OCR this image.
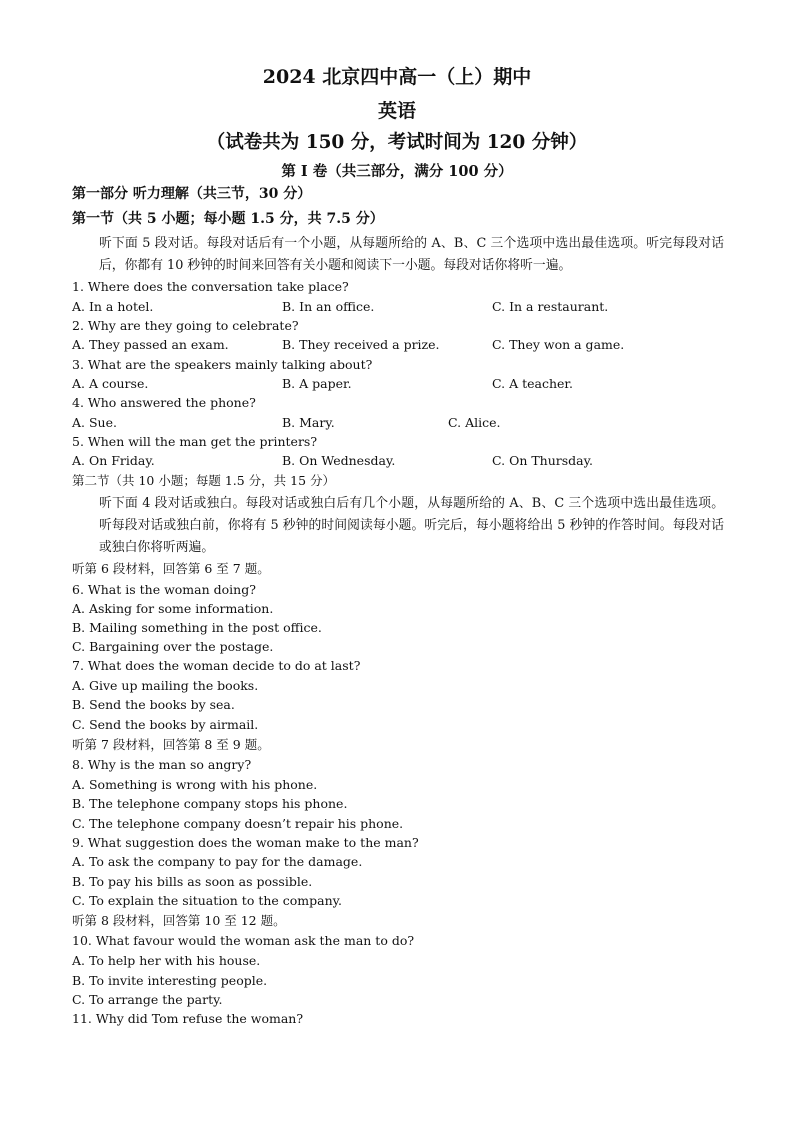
2024 北京四中高一（上）期中
英语
（试卷共为 150 分，考试时间为 120 分钟）
第 I 卷（共三部分，满分 100 分）
第一部分 听力理解（共三节，30 分）
第一节（共 5 小题；每小题 1.5 分，共 7.5 分）
听下面 5 段对话。每段对话后有一个小题，从每题所给的 A、B、C 三个选项中选出最佳选项。听完每段对话后，你都有 10 秒钟的时间来回答有关小题和阅读下一小题。每段对话你将听一遍。
1. Where does the conversation take place?
A. In a hotel.	B. In an office.	C. In a restaurant.
2. Why are they going to celebrate?
A. They passed an exam.	B. They received a prize.	C. They won a game.
3. What are the speakers mainly talking about?
A. A course.	B. A paper.	C. A teacher.
4. Who answered the phone?
A. Sue.	B. Mary.	C. Alice.
5. When will the man get the printers?
A. On Friday.	B. On Wednesday.	C. On Thursday.
第二节（共 10 小题；每题 1.5 分，共 15 分）
听下面 4 段对话或独白。每段对话或独白后有几个小题，从每题所给的 A、B、C 三个选项中选出最佳选项。听每段对话或独白前，你将有 5 秒钟的时间阅读每小题。听完后，每小题将给出 5 秒钟的作答时间。每段对话或独白你将听两遍。
听第 6 段材料，回答第 6 至 7 题。
6. What is the woman doing?
A. Asking for some information.
B. Mailing something in the post office.
C. Bargaining over the postage.
7. What does the woman decide to do at last?
A. Give up mailing the books.
B. Send the books by sea.
C. Send the books by airmail.
听第 7 段材料，回答第 8 至 9 题。
8. Why is the man so angry?
A. Something is wrong with his phone.
B. The telephone company stops his phone.
C. The telephone company doesn’t repair his phone.
9. What suggestion does the woman make to the man?
A. To ask the company to pay for the damage.
B. To pay his bills as soon as possible.
C. To explain the situation to the company.
听第 8 段材料，回答第 10 至 12 题。
10. What favour would the woman ask the man to do?
A. To help her with his house.
B. To invite interesting people.
C. To arrange the party.
11. Why did Tom refuse the woman?
